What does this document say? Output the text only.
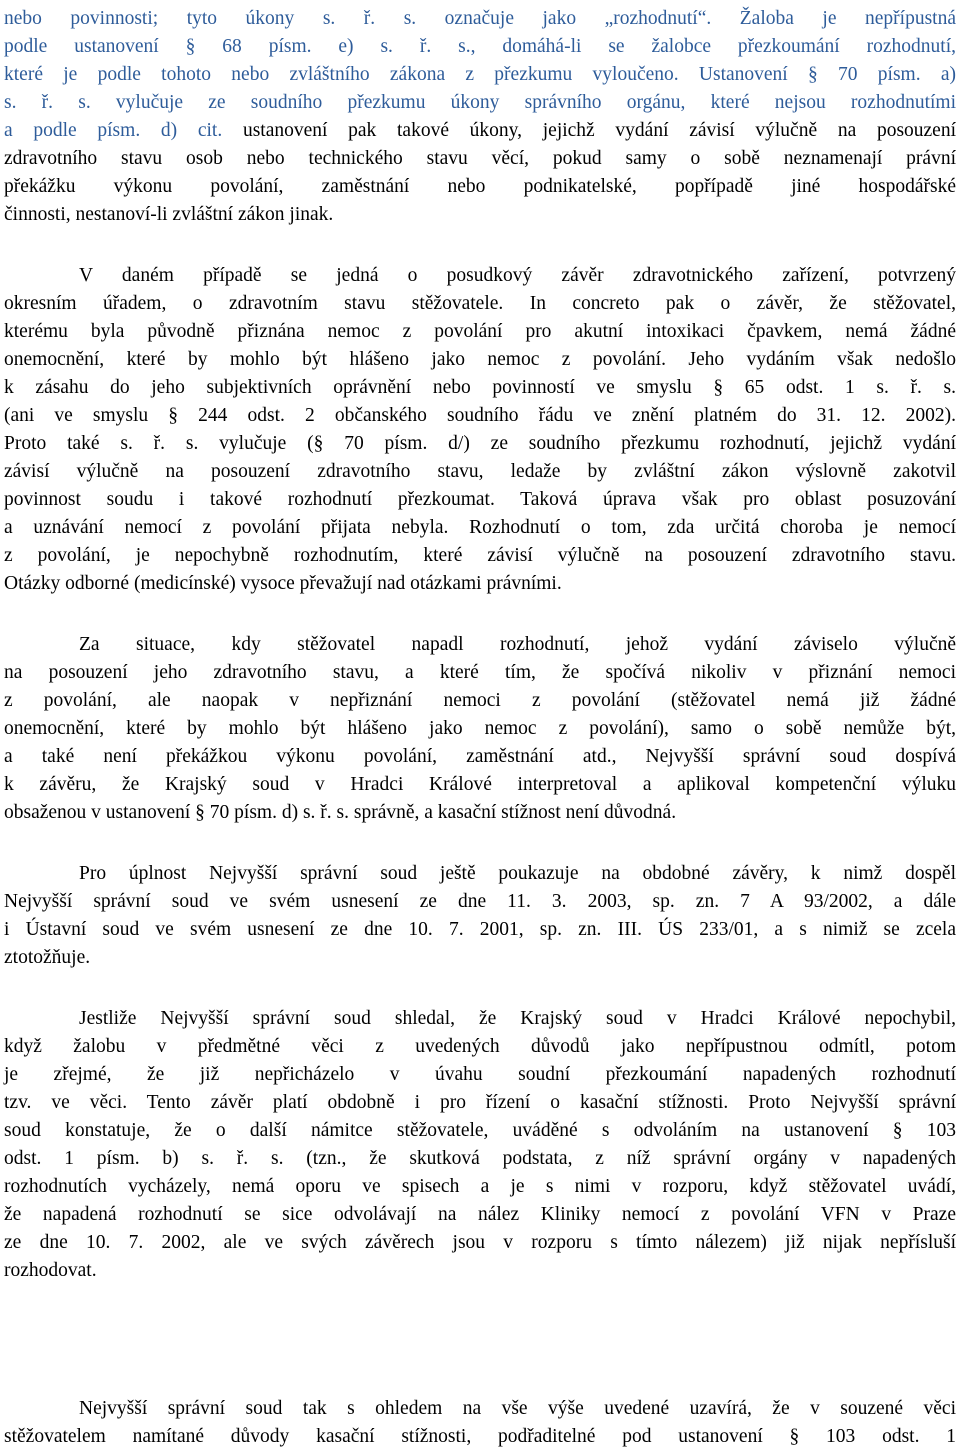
nebo povinnosti; tyto úkony s. ř. s. označuje jako „rozhodnutí“. Žaloba je nepřípustná
podle ustanovení § 68 písm. e) s. ř. s., domáhá-li se žalobce přezkoumání rozhodnutí,
které je podle tohoto nebo zvláštního zákona z přezkumu vyloučeno. Ustanovení § 70 písm. a)
s. ř. s. vylučuje ze soudního přezkumu úkony správního orgánu, které nejsou rozhodnutími
a podle písm. d) cit. ustanovení pak takové úkony, jejichž vydání závisí výlučně na posouzení
zdravotního stavu osob nebo technického stavu věcí, pokud samy o sobě neznamenají právní
překážku výkonu povolání, zaměstnání nebo podnikatelské, popřípadě jiné hospodářské
činnosti, nestanoví-li zvláštní zákon jinak.
V daném případě se jedná o posudkový závěr zdravotnického zařízení, potvrzený
okresním úřadem, o zdravotním stavu stěžovatele. In concreto pak o závěr, že stěžovatel,
kterému byla původně přiznána nemoc z povolání pro akutní intoxikaci čpavkem, nemá žádné
onemocnění, které by mohlo být hlášeno jako nemoc z povolání. Jeho vydáním však nedošlo
k zásahu do jeho subjektivních oprávnění nebo povinností ve smyslu § 65 odst. 1 s. ř. s.
(ani ve smyslu § 244 odst. 2 občanského soudního řádu ve znění platném do 31. 12. 2002).
Proto také s. ř. s. vylučuje (§ 70 písm. d/) ze soudního přezkumu rozhodnutí, jejichž vydání
závisí výlučně na posouzení zdravotního stavu, ledaže by zvláštní zákon výslovně zakotvil
povinnost soudu i takové rozhodnutí přezkoumat. Taková úprava však pro oblast posuzování
a uznávání nemocí z povolání přijata nebyla. Rozhodnutí o tom, zda určitá choroba je nemocí
z povolání, je nepochybně rozhodnutím, které závisí výlučně na posouzení zdravotního stavu.
Otázky odborné (medicínské) vysoce převažují nad otázkami právními.
Za situace, kdy stěžovatel napadl rozhodnutí, jehož vydání záviselo výlučně
na posouzení jeho zdravotního stavu, a které tím, že spočívá nikoliv v přiznání nemoci
z povolání, ale naopak v nepřiznání nemoci z povolání (stěžovatel nemá již žádné
onemocnění, které by mohlo být hlášeno jako nemoc z povolání), samo o sobě nemůže být,
a také není překážkou výkonu povolání, zaměstnání atd., Nejvyšší správní soud dospívá
k závěru, že Krajský soud v Hradci Králové interpretoval a aplikoval kompetenční výluku
obsaženou v ustanovení § 70 písm. d) s. ř. s. správně, a kasační stížnost není důvodná.
Pro úplnost Nejvyšší správní soud ještě poukazuje na obdobné závěry, k nimž dospěl
Nejvyšší správní soud ve svém usnesení ze dne 11. 3. 2003, sp. zn. 7 A 93/2002, a dále
i Ústavní soud ve svém usnesení ze dne 10. 7. 2001, sp. zn. III. ÚS 233/01, a s nimiž se zcela
ztotožňuje.
Jestliže Nejvyšší správní soud shledal, že Krajský soud v Hradci Králové nepochybil,
když žalobu v předmětné věci z uvedených důvodů jako nepřípustnou odmítl, potom
je zřejmé, že již nepřicházelo v úvahu soudní přezkoumání napadených rozhodnutí
tzv. ve věci. Tento závěr platí obdobně i pro řízení o kasační stížnosti. Proto Nejvyšší správní
soud konstatuje, že o další námitce stěžovatele, uváděné s odvoláním na ustanovení § 103
odst. 1 písm. b) s. ř. s. (tzn., že skutková podstata, z níž správní orgány v napadených
rozhodnutích vycházely, nemá oporu ve spisech a je s nimi v rozporu, když stěžovatel uvádí,
že napadená rozhodnutí se sice odvolávají na nález Kliniky nemocí z povolání VFN v Praze
ze dne 10. 7. 2002, ale ve svých závěrech jsou v rozporu s tímto nálezem) již nijak nepřísluší
rozhodovat.
Nejvyšší správní soud tak s ohledem na vše výše uvedené uzavírá, že v souzené věci
stěžovatelem namítané důvody kasační stížnosti, podřaditelné pod ustanovení § 103 odst. 1
